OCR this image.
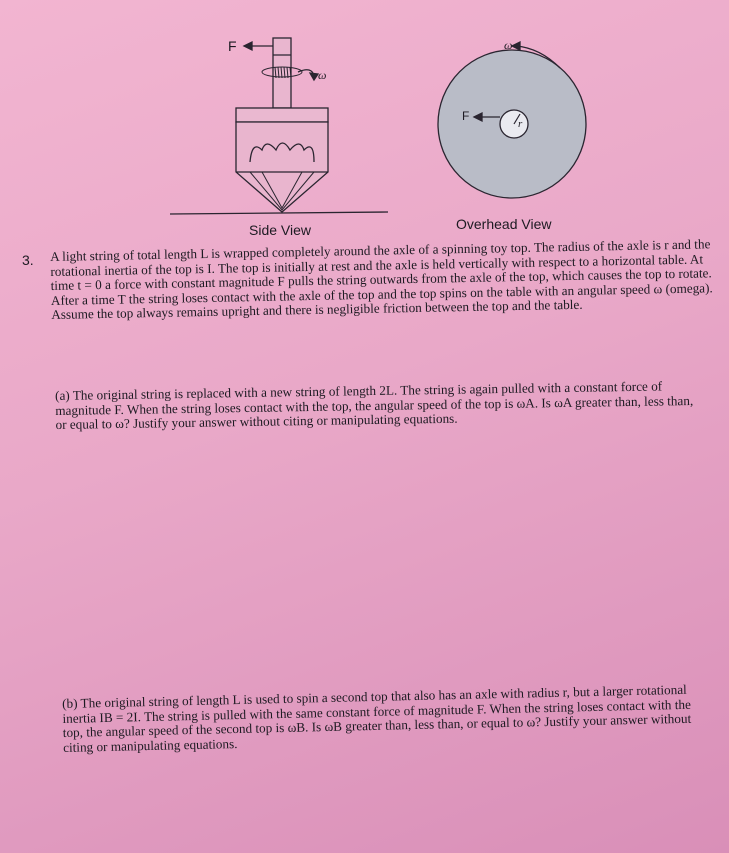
F
ω
ω
F
r
Side View	Overhead View
3. A light string of total length L is wrapped completely around the axle of a spinning toy top. The radius of the axle is r and the rotational inertia of the top is I. The top is initially at rest and the axle is held vertically with respect to a horizontal table. At time t = 0 a force with constant magnitude F pulls the string outwards from the axle of the top, which causes the top to rotate. After a time T the string loses contact with the axle of the top and the top spins on the table with an angular speed ω (omega). Assume the top always remains upright and there is negligible friction between the top and the table.

(a) The original string is replaced with a new string of length 2L. The string is again pulled with a constant force of magnitude F. When the string loses contact with the top, the angular speed of the top is ωA. Is ωA greater than, less than, or equal to ω? Justify your answer without citing or manipulating equations.

(b) The original string of length L is used to spin a second top that also has an axle with radius r, but a larger rotational inertia IB = 2I. The string is pulled with the same constant force of magnitude F. When the string loses contact with the top, the angular speed of the second top is ωB. Is ωB greater than, less than, or equal to ω? Justify your answer without citing or manipulating equations.
